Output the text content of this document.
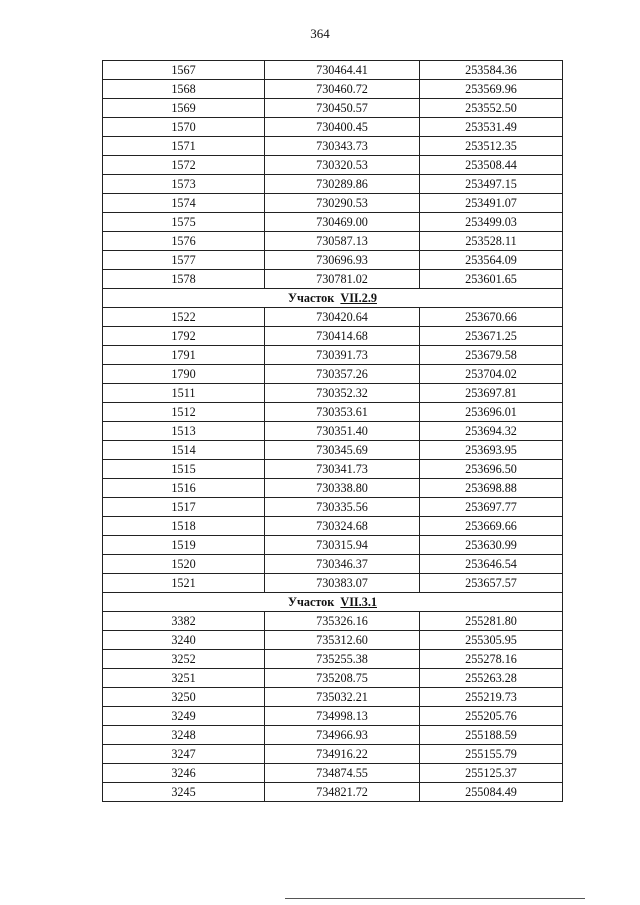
364
1567	730464.41	253584.36
1568	730460.72	253569.96
1569	730450.57	253552.50
1570	730400.45	253531.49
1571	730343.73	253512.35
1572	730320.53	253508.44
1573	730289.86	253497.15
1574	730290.53	253491.07
1575	730469.00	253499.03
1576	730587.13	253528.11
1577	730696.93	253564.09
1578	730781.02	253601.65
Участок VII.2.9		
1522	730420.64	253670.66
1792	730414.68	253671.25
1791	730391.73	253679.58
1790	730357.26	253704.02
1511	730352.32	253697.81
1512	730353.61	253696.01
1513	730351.40	253694.32
1514	730345.69	253693.95
1515	730341.73	253696.50
1516	730338.80	253698.88
1517	730335.56	253697.77
1518	730324.68	253669.66
1519	730315.94	253630.99
1520	730346.37	253646.54
1521	730383.07	253657.57
Участок VII.3.1		
3382	735326.16	255281.80
3240	735312.60	255305.95
3252	735255.38	255278.16
3251	735208.75	255263.28
3250	735032.21	255219.73
3249	734998.13	255205.76
3248	734966.93	255188.59
3247	734916.22	255155.79
3246	734874.55	255125.37
3245	734821.72	255084.49
